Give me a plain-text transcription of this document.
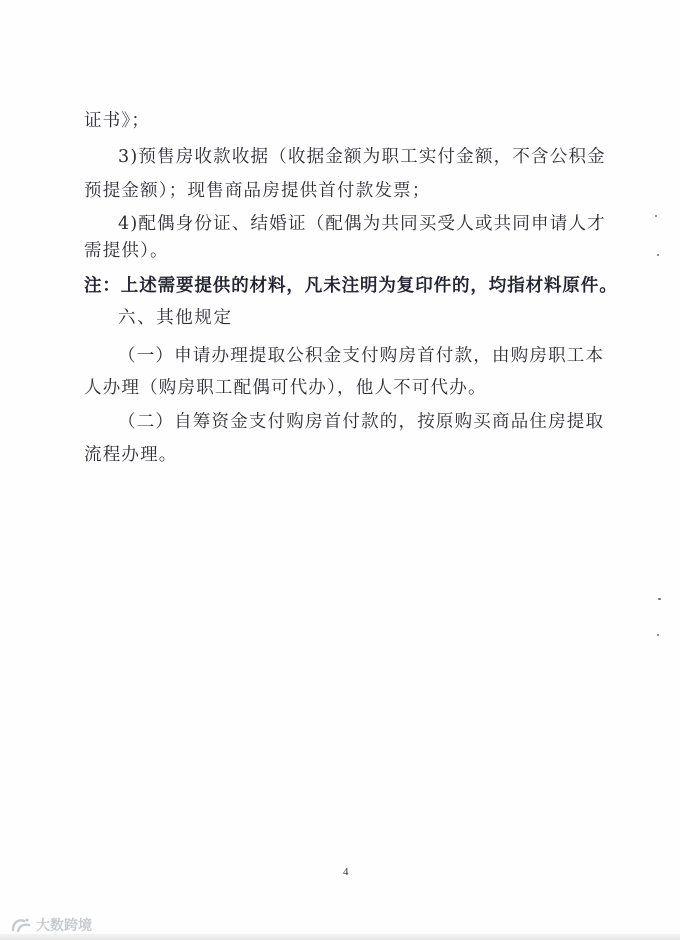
证书》；
3)预售房收款收据（收据金额为职工实付金额，不含公积金
预提金额）；现售商品房提供首付款发票；
4)配偶身份证、结婚证（配偶为共同买受人或共同申请人才
需提供）。
注：上述需要提供的材料，凡未注明为复印件的，均指材料原件。
六、其他规定
（一）申请办理提取公积金支付购房首付款，由购房职工本
人办理（购房职工配偶可代办），他人不可代办。
（二）自筹资金支付购房首付款的，按原购买商品住房提取
流程办理。
4
大数跨境
